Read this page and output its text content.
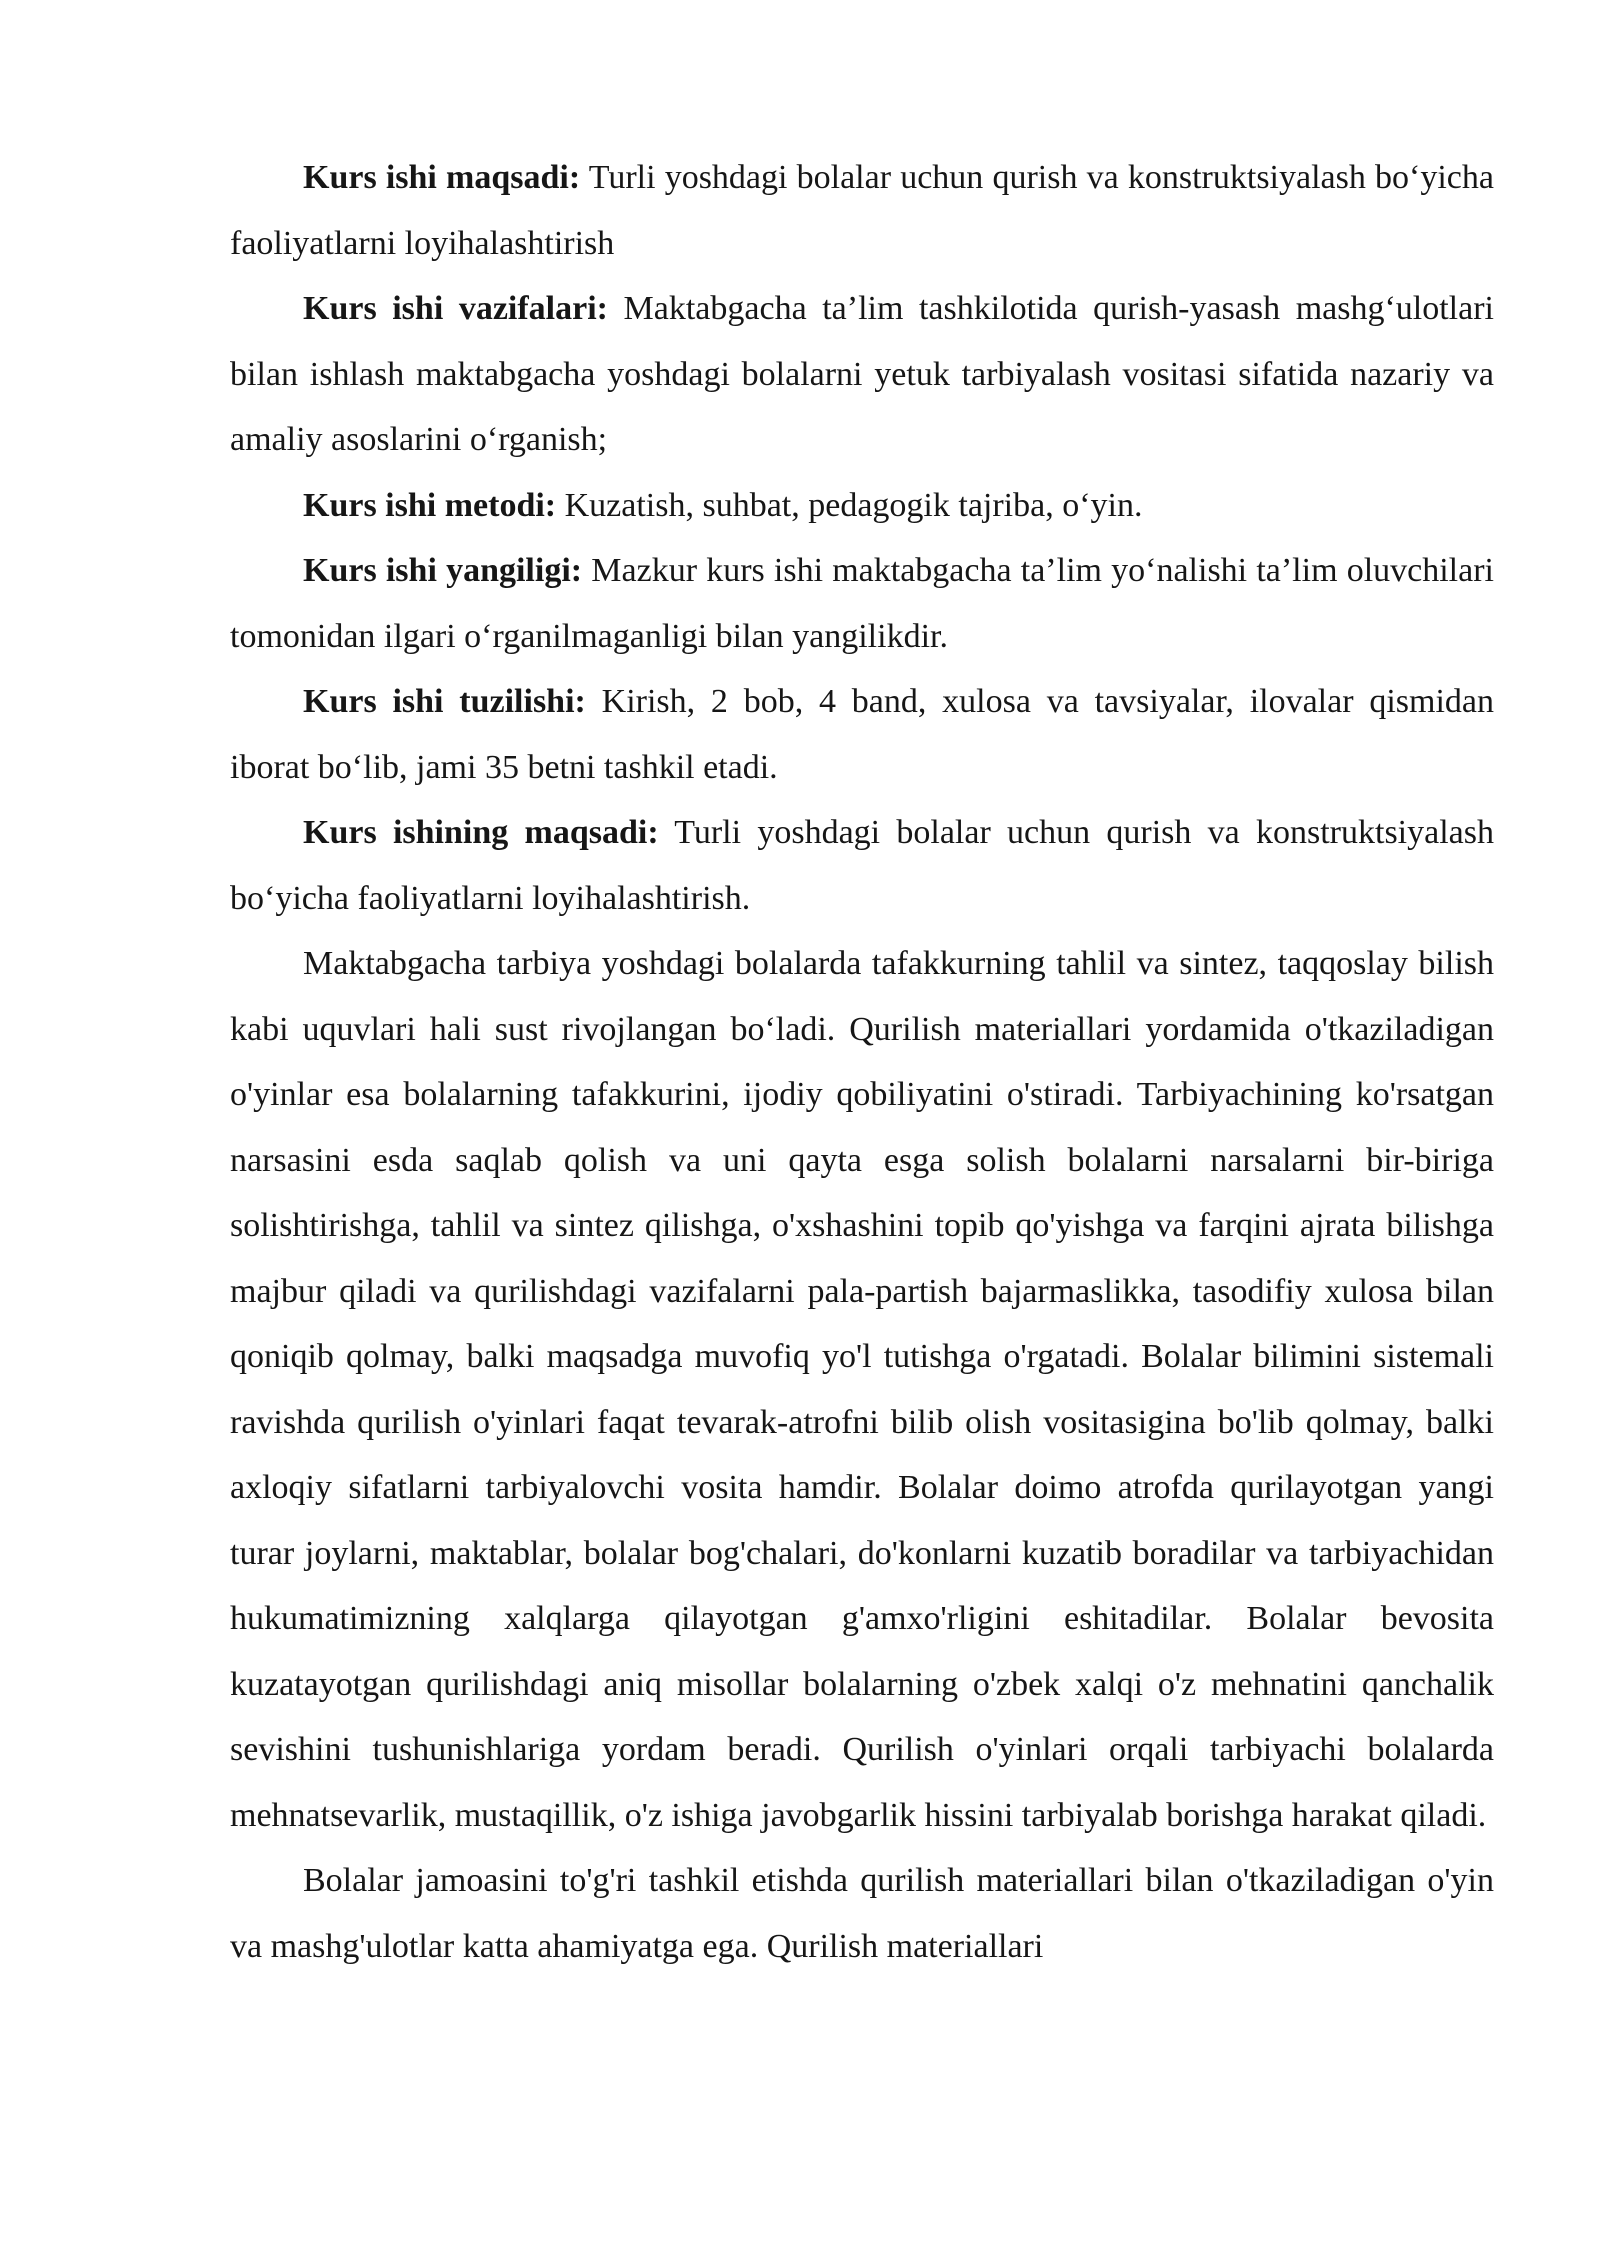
Kurs ishi maqsadi: Turli yoshdagi bolalar uchun qurish va konstruktsiyalash bo‘yicha faoliyatlarni loyihalashtirish

Kurs ishi vazifalari: Maktabgacha ta’lim tashkilotida qurish-yasash mashg‘ulotlari bilan ishlash maktabgacha yoshdagi bolalarni yetuk tarbiyalash vositasi sifatida nazariy va amaliy asoslarini o‘rganish;

Kurs ishi metodi: Kuzatish, suhbat, pedagogik tajriba, o‘yin.

Kurs ishi yangiligi: Mazkur kurs ishi maktabgacha ta’lim yo‘nalishi ta’lim oluvchilari tomonidan ilgari o‘rganilmaganligi bilan yangilikdir.

Kurs ishi tuzilishi: Kirish, 2 bob, 4 band, xulosa va tavsiyalar, ilovalar qismidan iborat bo‘lib, jami 35 betni tashkil etadi.

Kurs ishining maqsadi: Turli yoshdagi bolalar uchun qurish va konstruktsiyalash bo‘yicha faoliyatlarni loyihalashtirish.

Maktabgacha tarbiya yoshdagi bolalarda tafakkurning tahlil va sintez, taqqoslay bilish kabi uquvlari hali sust rivojlangan bo‘ladi. Qurilish materiallari yordamida o'tkaziladigan o'yinlar esa bolalarning tafakkurini, ijodiy qobiliyatini o'stiradi. Tarbiyachining ko'rsatgan narsasini esda saqlab qolish va uni qayta esga solish bolalarni narsalarni bir-biriga solishtirishga, tahlil va sintez qilishga, o'xshashini topib qo'yishga va farqini ajrata bilishga majbur qiladi va qurilishdagi vazifalarni pala-partish bajarmaslikka, tasodifiy xulosa bilan qoniqib qolmay, balki maqsadga muvofiq yo'l tutishga o'rgatadi. Bolalar bilimini sistemali ravishda qurilish o'yinlari faqat tevarak-atrofni bilib olish vositasigina bo'lib qolmay, balki axloqiy sifatlarni tarbiyalovchi vosita hamdir. Bolalar doimo atrofda qurilayotgan yangi turar joylarni, maktablar, bolalar bog'chalari, do'konlarni kuzatib boradilar va tarbiyachidan hukumatimizning xalqlarga qilayotgan g'amxo'rligini eshitadilar. Bolalar bevosita kuzatayotgan qurilishdagi aniq misollar bolalarning o'zbek xalqi o'z mehnatini qanchalik sevishini tushunishlariga yordam beradi. Qurilish o'yinlari orqali tarbiyachi bolalarda mehnatsevarlik, mustaqillik, o'z ishiga javobgarlik hissini tarbiyalab borishga harakat qiladi.

Bolalar jamoasini to'g'ri tashkil etishda qurilish materiallari bilan o'tkaziladigan o'yin va mashg'ulotlar katta ahamiyatga ega. Qurilish materiallari
